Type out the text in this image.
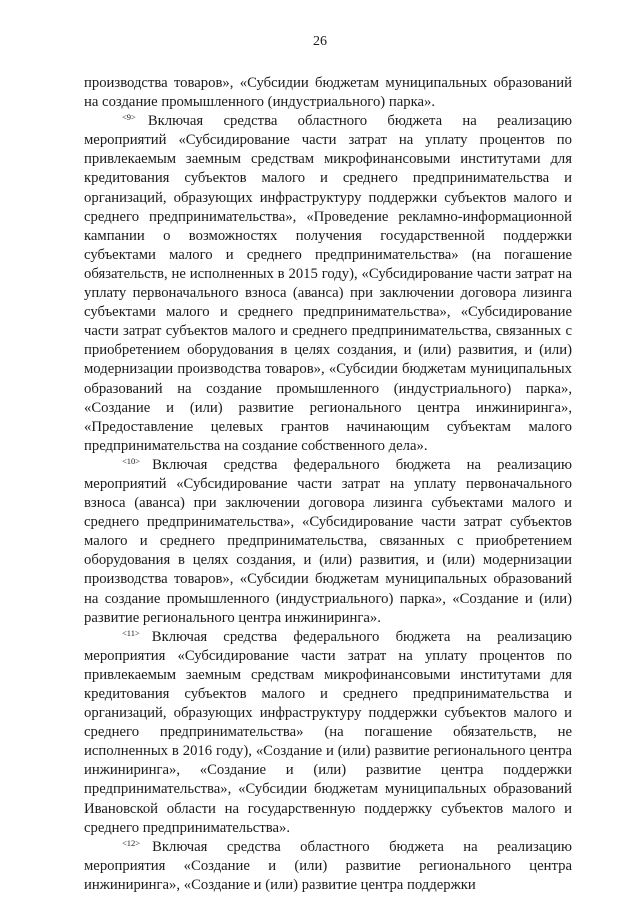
26

производства товаров», «Субсидии бюджетам муниципальных образований на создание промышленного (индустриального) парка».

$^{<9>}$ Включая средства областного бюджета на реализацию мероприятий «Субсидирование части затрат на уплату процентов по привлекаемым заемным средствам микрофинансовыми институтами для кредитования субъектов малого и среднего предпринимательства и организаций, образующих инфраструктуру поддержки субъектов малого и среднего предпринимательства», «Проведение рекламно-информационной кампании о возможностях получения государственной поддержки субъектами малого и среднего предпринимательства» (на погашение обязательств, не исполненных в 2015 году), «Субсидирование части затрат на уплату первоначального взноса (аванса) при заключении договора лизинга субъектами малого и среднего предпринимательства», «Субсидирование части затрат субъектов малого и среднего предпринимательства, связанных с приобретением оборудования в целях создания, и (или) развития, и (или) модернизации производства товаров», «Субсидии бюджетам муниципальных образований на создание промышленного (индустриального) парка», «Создание и (или) развитие регионального центра инжиниринга», «Предоставление целевых грантов начинающим субъектам малого предпринимательства на создание собственного дела».

$^{<10>}$ Включая средства федерального бюджета на реализацию мероприятий «Субсидирование части затрат на уплату первоначального взноса (аванса) при заключении договора лизинга субъектами малого и среднего предпринимательства», «Субсидирование части затрат субъектов малого и среднего предпринимательства, связанных с приобретением оборудования в целях создания, и (или) развития, и (или) модернизации производства товаров», «Субсидии бюджетам муниципальных образований на создание промышленного (индустриального) парка», «Создание и (или) развитие регионального центра инжиниринга».

$^{<11>}$ Включая средства федерального бюджета на реализацию мероприятия «Субсидирование части затрат на уплату процентов по привлекаемым заемным средствам микрофинансовыми институтами для кредитования субъектов малого и среднего предпринимательства и организаций, образующих инфраструктуру поддержки субъектов малого и среднего предпринимательства» (на погашение обязательств, не исполненных в 2016 году), «Создание и (или) развитие регионального центра инжиниринга», «Создание и (или) развитие центра поддержки предпринимательства», «Субсидии бюджетам муниципальных образований Ивановской области на государственную поддержку субъектов малого и среднего предпринимательства».

$^{<12>}$ Включая средства областного бюджета на реализацию мероприятия «Создание и (или) развитие регионального центра инжиниринга», «Создание и (или) развитие центра поддержки
